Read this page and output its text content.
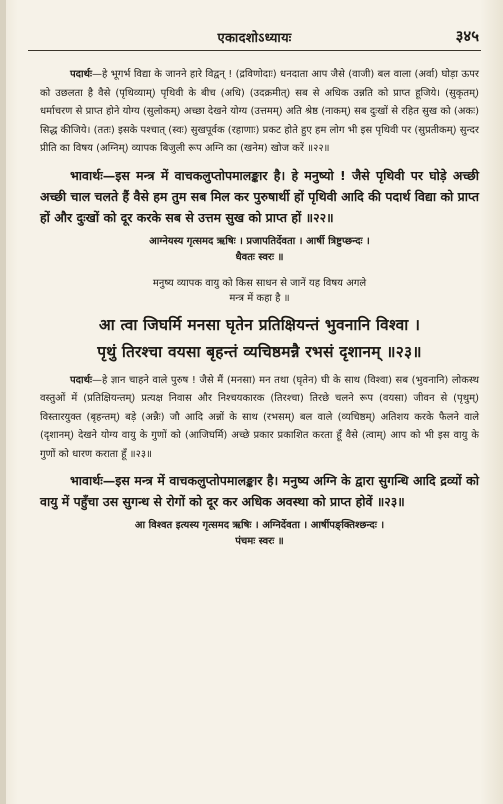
एकादशोऽध्यायः	३४५

पदार्थः—हे भूगर्भ विद्या के जानने हारे विद्वन् ! (द्रविणोदाः) धनदाता आप जैसे (वाजी) बल वाला (अर्वा) घोड़ा ऊपर को उछलता है वैसे (पृथिव्याम्) पृथिवी के बीच (अधि) (उदक्रमीत्) सब से अधिक उन्नति को प्राप्त हूजिये। (सुकृतम्) धर्माचरण से प्राप्त होने योग्य (सुलोकम्) अच्छा देखने योग्य (उत्तमम्) अति श्रेष्ठ (नाकम्) सब दुःखों से रहित सुख को (अकः) सिद्ध कीजिये। (ततः) इसके पश्चात् (स्वः) सुखपूर्वक (रहाणाः) प्रकट होते हुए हम लोग भी इस पृथिवी पर (सुप्रतीकम्) सुन्दर प्रीति का विषय (अग्निम्) व्यापक बिजुली रूप अग्नि का (खनेम) खोज करें ॥२२॥

भावार्थः—इस मन्त्र में वाचकलुप्तोपमालङ्कार है। हे मनुष्यो ! जैसे पृथिवी पर घोड़े अच्छी अच्छी चाल चलते हैं वैसे हम तुम सब मिल कर पुरुषार्थी हों पृथिवी आदि की पदार्थ विद्या को प्राप्त हों और दुःखों को दूर करके सब से उत्तम सुख को प्राप्त हों ॥२२॥

आग्नेयस्य गृत्समद ऋषिः । प्रजापतिर्देवता । आर्षी त्रिष्टुप्छन्दः ।

धैवतः स्वरः ॥

मनुष्य व्यापक वायु को किस साधन से जानें यह विषय अगले

मन्त्र में कहा है ॥

आ त्वा जिघर्मि मनसा घृतेन प्रतिक्षियन्तं भुवनानि विश्वा ।

पृथुं तिरश्चा वयसा बृहन्तं व्यचिष्ठमन्नै रभसं दृशानम् ॥२३॥

पदार्थः—हे ज्ञान चाहने वाले पुरुष ! जैसे मैं (मनसा) मन तथा (घृतेन) घी के साथ (विश्वा) सब (भुवनानि) लोकस्थ वस्तुओं में (प्रतिक्षियन्तम्) प्रत्यक्ष निवास और निश्चयकारक (तिरश्चा) तिरछे चलने रूप (वयसा) जीवन से (पृथुम्) विस्तारयुक्त (बृहन्तम्) बड़े (अन्नैः) जौ आदि अन्नों के साथ (रभसम्) बल वाले (व्यचिष्ठम्) अतिशय करके फैलने वाले (दृशानम्) देखने योग्य वायु के गुणों को (आजिघर्मि) अच्छे प्रकार प्रकाशित करता हूँ वैसे (त्वाम्) आप को भी इस वायु के गुणों को धारण कराता हूँ ॥२३॥

भावार्थः—इस मन्त्र में वाचकलुप्तोपमालङ्कार है। मनुष्य अग्नि के द्वारा सुगन्धि आदि द्रव्यों को वायु में पहुँचा उस सुगन्ध से रोगों को दूर कर अधिक अवस्था को प्राप्त होवें ॥२३॥

आ विश्वत इत्यस्य गृत्समद ऋषिः । अग्निर्देवता । आर्षीपङ्क्तिश्छन्दः ।

पंचमः स्वरः ॥
